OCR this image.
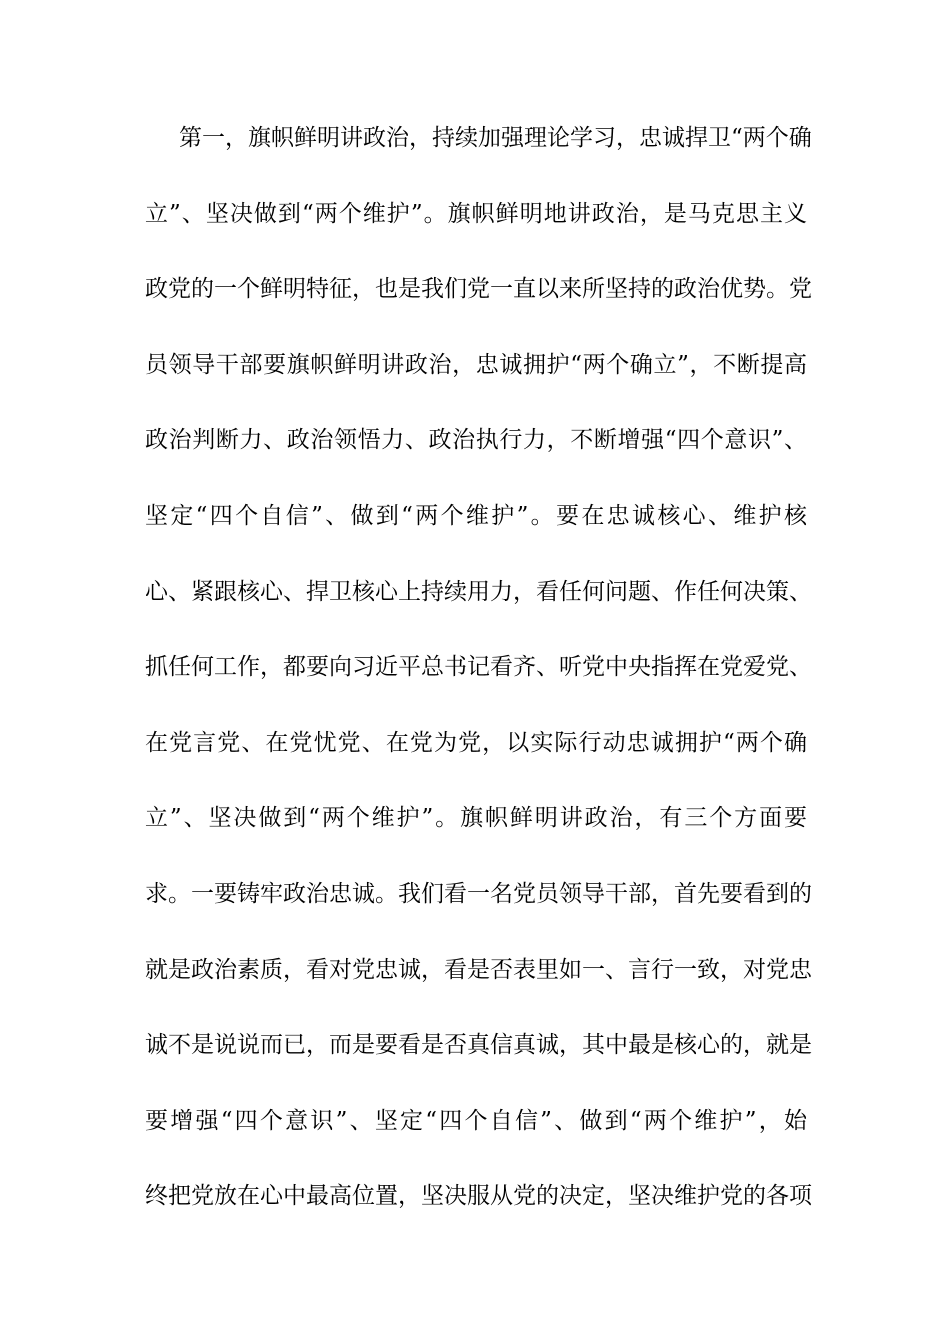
第一，旗帜鲜明讲政治，持续加强理论学习，忠诚捍卫“两个确
立”、坚决做到“两个维护”。旗帜鲜明地讲政治，是马克思主义
政党的一个鲜明特征，也是我们党一直以来所坚持的政治优势。党
员领导干部要旗帜鲜明讲政治，忠诚拥护“两个确立”，不断提高
政治判断力、政治领悟力、政治执行力，不断增强“四个意识”、
坚定“四个自信”、做到“两个维护”。要在忠诚核心、维护核
心、紧跟核心、捍卫核心上持续用力，看任何问题、作任何决策、
抓任何工作，都要向习近平总书记看齐、听党中央指挥在党爱党、
在党言党、在党忧党、在党为党，以实际行动忠诚拥护“两个确
立”、坚决做到“两个维护”。旗帜鲜明讲政治，有三个方面要
求。一要铸牢政治忠诚。我们看一名党员领导干部，首先要看到的
就是政治素质，看对党忠诚，看是否表里如一、言行一致，对党忠
诚不是说说而已，而是要看是否真信真诚，其中最是核心的，就是
要增强“四个意识”、坚定“四个自信”、做到“两个维护”，始
终把党放在心中最高位置，坚决服从党的决定，坚决维护党的各项
